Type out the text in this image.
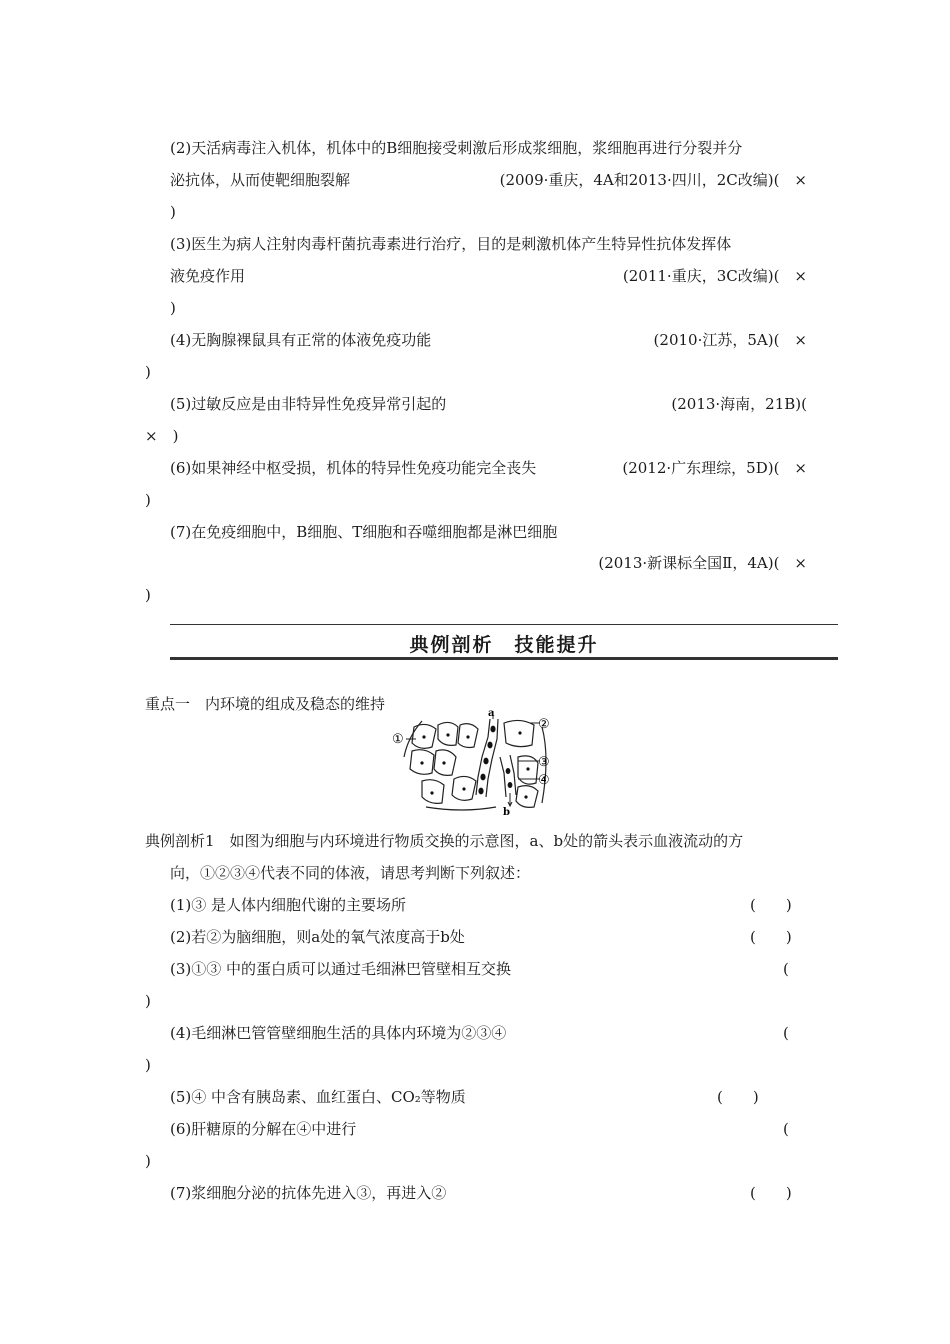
(2)天活病毒注入机体，机体中的B细胞接受刺激后形成浆细胞，浆细胞再进行分裂并分
泌抗体，从而使靶细胞裂解	(2009·重庆，4A和2013·四川，2C改编)(　×
)
(3)医生为病人注射肉毒杆菌抗毒素进行治疗，目的是刺激机体产生特异性抗体发挥体
液免疫作用	(2011·重庆，3C改编)(　×
)
(4)无胸腺裸鼠具有正常的体液免疫功能	(2010·江苏，5A)(　×
)
(5)过敏反应是由非特异性免疫异常引起的	(2013·海南，21B)(
×　)
(6)如果神经中枢受损，机体的特异性免疫功能完全丧失	(2012·广东理综，5D)(　×
)
(7)在免疫细胞中，B细胞、T细胞和吞噬细胞都是淋巴细胞
(2013·新课标全国Ⅱ，4A)(　×
)
典例剖析　技能提升
重点一　内环境的组成及稳态的维持
a
b
①
②
③
④
典例剖析1　如图为细胞与内环境进行物质交换的示意图，a、b处的箭头表示血液流动的方
向，①②③④代表不同的体液，请思考判断下列叙述：
(1)③ 是人体内细胞代谢的主要场所	(　　)
(2)若②为脑细胞，则a处的氧气浓度高于b处	(　　)
(3)①③ 中的蛋白质可以通过毛细淋巴管壁相互交换	(
)
(4)毛细淋巴管管壁细胞生活的具体内环境为②③④	(
)
(5)④ 中含有胰岛素、血红蛋白、CO₂等物质	(　　)
(6)肝糖原的分解在④中进行	(
)
(7)浆细胞分泌的抗体先进入③，再进入②	(　　)
